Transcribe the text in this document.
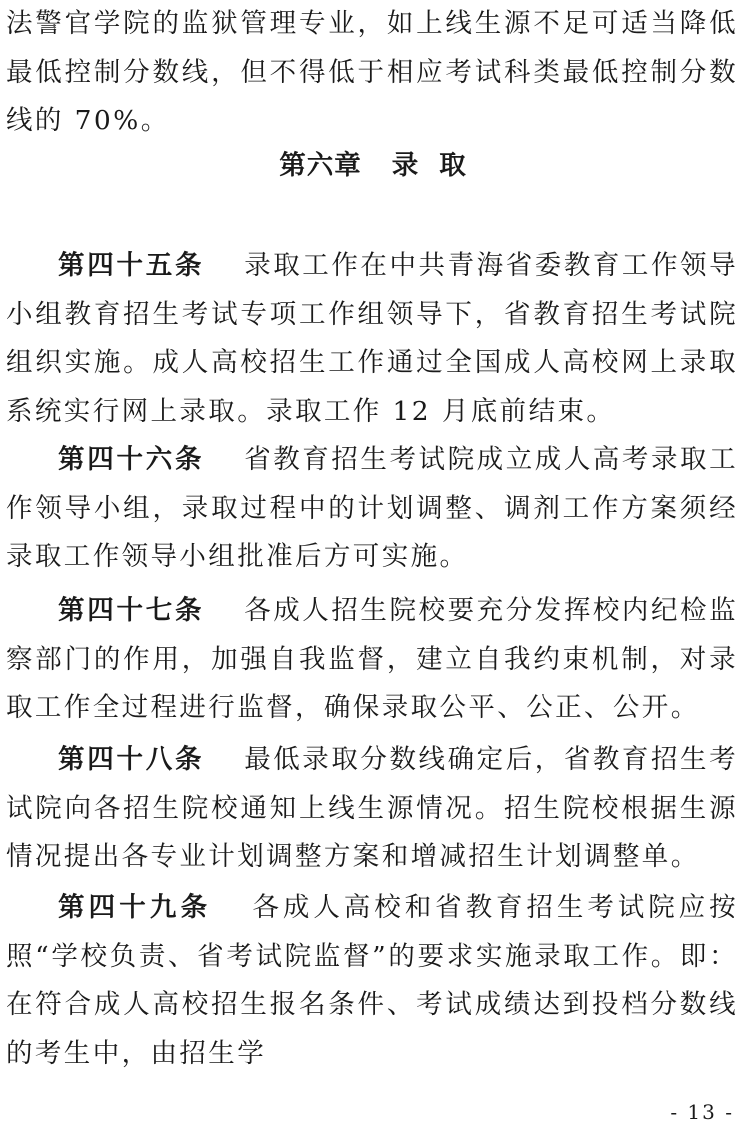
法警官学院的监狱管理专业，如上线生源不足可适当降低最低控制分数线，但不得低于相应考试科类最低控制分数线的 70%。

第六章 录 取

第四十五条  录取工作在中共青海省委教育工作领导小组教育招生考试专项工作组领导下，省教育招生考试院组织实施。成人高校招生工作通过全国成人高校网上录取系统实行网上录取。录取工作 12 月底前结束。

第四十六条  省教育招生考试院成立成人高考录取工作领导小组，录取过程中的计划调整、调剂工作方案须经录取工作领导小组批准后方可实施。

第四十七条  各成人招生院校要充分发挥校内纪检监察部门的作用，加强自我监督，建立自我约束机制，对录取工作全过程进行监督，确保录取公平、公正、公开。

第四十八条  最低录取分数线确定后，省教育招生考试院向各招生院校通知上线生源情况。招生院校根据生源情况提出各专业计划调整方案和增减招生计划调整单。

第四十九条  各成人高校和省教育招生考试院应按照“学校负责、省考试院监督”的要求实施录取工作。即：在符合成人高校招生报名条件、考试成绩达到投档分数线的考生中，由招生学

- 13 -
